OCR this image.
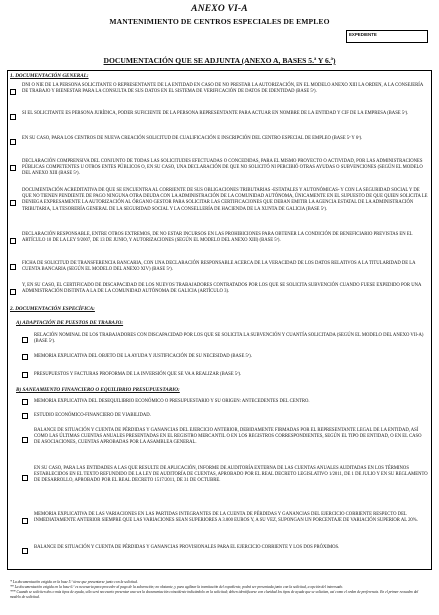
ANEXO VI-A
MANTENIMIENTO DE CENTROS ESPECIALES DE EMPLEO
EXPEDIENTE
DOCUMENTACIÓN QUE SE ADJUNTA (ANEXO A, BASES 5.ª Y 6.ª)
1. DOCUMENTACIÓN GENERAL:
DNI O NIE DE LA PERSONA SOLICITANTE O REPRESENTANTE DE LA ENTIDAD EN CASO DE NO PRESTAR LA AUTORIZACIÓN, EN EL MODELO ANEXO XIII LA ORDEN, A LA CONSEJERÍA DE TRABAJO Y BIENESTAR PARA LA CONSULTA DE SUS DATOS EN EL SISTEMA DE VERIFICACIÓN DE DATOS DE IDENTIDAD (BASE 5ª).
SI EL SOLICITANTE ES PERSONA JURÍDICA, PODER SUFICIENTE DE LA PERSONA REPRESENTANTE PARA ACTUAR EN NOMBRE DE LA ENTIDAD Y CIF DE LA EMPRESA (BASE 5ª).
EN SU CASO, PARA LOS CENTROS DE NUEVA CREACIÓN SOLICITUD DE CUALIFICACIÓN E INSCRIPCIÓN DEL CENTRO ESPECIAL DE EMPLEO (BASE 5ª Y 6ª).
DECLARACIÓN COMPRENSIVA DEL CONJUNTO DE TODAS LAS SOLICITUDES EFECTUADAS O CONCEDIDAS, PARA EL MISMO PROYECTO O ACTIVIDAD, POR LAS ADMINISTRACIONES PÚBLICAS COMPETENTES U OTROS ENTES PÚBLICOS O, EN SU CASO, UNA DECLARACIÓN DE QUE NO SOLICITÓ NI PERCIBIÓ OTRAS AYUDAS O SUBVENCIONES (SEGÚN EL MODELO DEL ANEXO XIII (BASE 5ª).
DOCUMENTACIÓN ACREDITATIVA DE QUE SE ENCUENTRA AL CORRIENTE DE SUS OBLIGACIONES TRIBUTARIAS -ESTATALES Y AUTONÓMICAS- Y CON LA SEGURIDAD SOCIAL Y DE QUE NO TIENEN PENDIENTE DE PAGO NINGUNA OTRA DEUDA CON LA ADMINISTRACIÓN DE LA COMUNIDAD AUTÓNOMA, ÚNICAMENTE EN EL SUPUESTO DE QUE QUIEN SOLICITA LE DENIEGA EXPRESAMENTE LA AUTORIZACIÓN AL ÓRGANO GESTOR PARA SOLICITAR LAS CERTIFICACIONES QUE DEBAN EMITIR LA AGENCIA ESTATAL DE LA ADMINISTRACIÓN TRIBUTARIA, LA TESORERÍA GENERAL DE LA SEGURIDAD SOCIAL Y LA CONSELLERÍA DE HACIENDA DE LA XUNTA DE GALICIA (BASE 5ª).
DECLARACIÓN RESPONSABLE, ENTRE OTROS EXTREMOS, DE NO ESTAR INCURSOS EN LAS PROHIBICIONES PARA OBTENER LA CONDICIÓN DE BENEFICIARIO PREVISTAS EN EL ARTÍCULO 10 DE LA LEY 9/2007, DE 13 DE JUNIO, Y AUTORIZACIONES (SEGÚN EL MODELO DEL ANEXO XIII) (BASE 5ª).
FICHA DE SOLICITUD DE TRANSFERENCIA BANCARIA, CON UNA DECLARACIÓN RESPONSABLE ACERCA DE LA VERACIDAD DE LOS DATOS RELATIVOS A LA TITULARIDAD DE LA CUENTA BANCARIA (SEGÚN EL MODELO DEL ANEXO XIV) (BASE 5ª).
Y, EN SU CASO, EL CERTIFICADO DE DISCAPACIDAD DE LOS NUEVOS TRABAJADORES CONTRATADOS POR LOS QUE SE SOLICITA SUBVENCIÓN CUANDO FUESE EXPEDIDO POR UNA ADMINISTRACIÓN DISTINTA A LA DE LA COMUNIDAD AUTÓNOMA DE GALICIA (ARTÍCULO 3).
2. DOCUMENTACIÓN ESPECÍFICA:
A) ADAPTACIÓN DE PUESTOS DE TRABAJO:
RELACIÓN NOMINAL DE LOS TRABAJADORES CON DISCAPACIDAD POR LOS QUE SE SOLICITA LA SUBVENCIÓN Y CUANTÍA SOLICITADA (SEGÚN EL MODELO DEL ANEXO VII-A) (BASE 5ª).
MEMORIA EXPLICATIVA DEL OBJETO DE LA AYUDA Y JUSTIFICACIÓN DE SU NECESIDAD (BASE 5ª).
PRESUPUESTOS Y FACTURAS PROFORMA DE LA INVERSIÓN QUE SE VA A REALIZAR (BASE 5ª).
B) SANEAMIENTO FINANCIERO O EQUILIBRIO PRESUPUESTARIO:
MEMORIA EXPLICATIVA DEL DESEQUILIBRIO ECONÓMICO O PRESUPUESTARIO Y SU ORIGEN: ANTECEDENTES DEL CENTRO.
ESTUDIO ECONÓMICO-FINANCIERO DE VIABILIDAD.
BALANCE DE SITUACIÓN Y CUENTA DE PÉRDIDAS Y GANANCIAS DEL EJERCICIO ANTERIOR, DEBIDAMENTE FIRMADAS POR EL REPRESENTANTE LEGAL DE LA ENTIDAD, ASÍ COMO LAS ÚLTIMAS CUENTAS ANUALES PRESENTADAS EN EL REGISTRO MERCANTIL O EN LOS REGISTROS CORRESPONDIENTES, SEGÚN EL TIPO DE ENTIDAD, O EN EL CASO DE ASOCIACIONES, CUENTAS APROBADAS POR LA ASAMBLEA GENERAL.
EN SU CASO, PARA LAS ENTIDADES A LAS QUE RESULTE DE APLICACIÓN, INFORME DE AUDITORÍA EXTERNA DE LAS CUENTAS ANUALES AUDITADAS EN LOS TÉRMINOS ESTABLECIDOS EN EL TEXTO REFUNDIDO DE LA LEY DE AUDITORÍA DE CUENTAS, APROBADO POR EL REAL DECRETO LEGISLATIVO 1/2011, DE 1 DE JULIO Y EN SU REGLAMENTO DE DESARROLLO, APROBADO POR EL REAL DECRETO 1517/2011, DE 31 DE OCTUBRE.
MEMORIA EXPLICATIVA DE LAS VARIACIONES EN LAS PARTIDAS INTEGRANTES DE LA CUENTA DE PÉRDIDAS Y GANANCIAS DEL EJERCICIO CORRIENTE RESPECTO DEL INMEDIATAMENTE ANTERIOR SIEMPRE QUE LAS VARIACIONES SEAN SUPERIORES A 3.000 EUROS Y, A SU VEZ, SUPONGAN UN PORCENTAJE DE VARIACIÓN SUPERIOR AL 20%.
BALANCE DE SITUACIÓN Y CUENTA DE PÉRDIDAS Y GANANCIAS PROVISIONALES PARA EL EJERCICIO CORRIENTE Y LOS DOS PRÓXIMOS.
* La documentación exigida en la base 5.ª tiene que presentarse junto con la solicitud.
** La documentación exigida en la base 6.ª es necesaria para proceder al pago de la subvención; no obstante, y para agilizar la tramitación del expediente, podrá ser presentada junto con la solicitud, a opción del interesado.
*** Cuando se soliciten dos o más tipos de ayuda, sólo será necesario presentar una vez la documentación coincidente indicándolo en la solicitud; deben identificarse con claridad los tipos de ayuda que se solicitan, así como el orden de preferencia. En el primer recuadro del modelo de solicitud.
